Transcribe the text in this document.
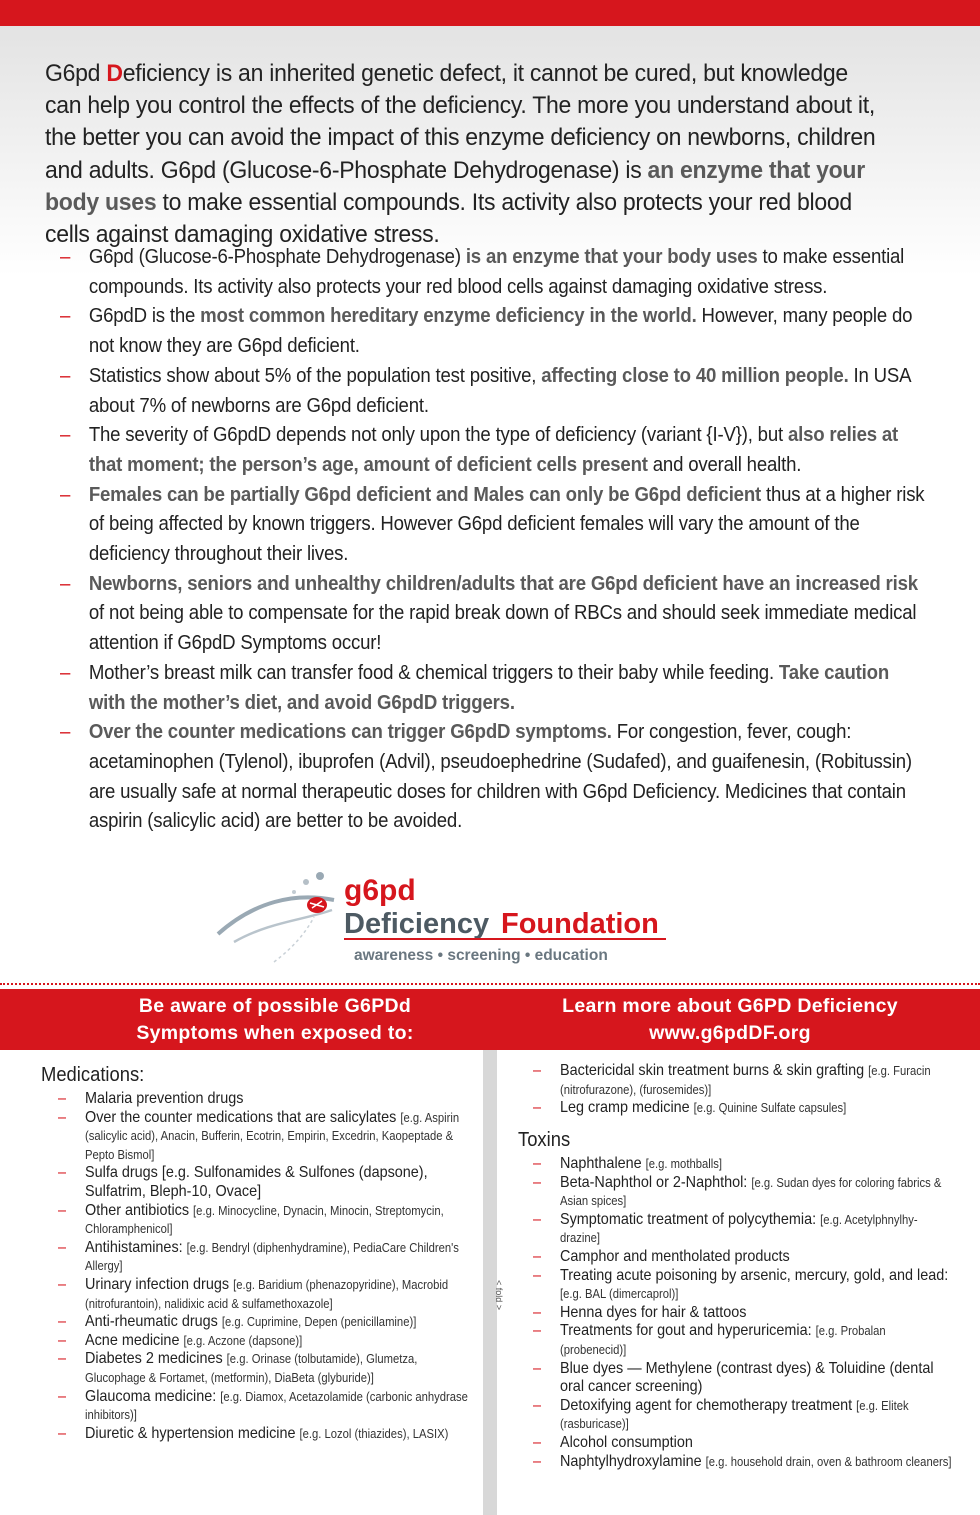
G6pd Deficiency is an inherited genetic defect, it cannot be cured, but knowledge can help you control the effects of the deficiency. The more you understand about it, the better you can avoid the impact of this enzyme deficiency on newborns, children and adults. G6pd (Glucose-6-Phosphate Dehydrogenase) is an enzyme that your body uses to make essential compounds. Its activity also protects your red blood cells against damaging oxidative stress.

– G6pd (Glucose-6-Phosphate Dehydrogenase) is an enzyme that your body uses to make essential compounds. Its activity also protects your red blood cells against damaging oxidative stress.
– G6pdD is the most common hereditary enzyme deficiency in the world. However, many people do not know they are G6pd deficient.
– Statistics show about 5% of the population test positive, affecting close to 40 million people. In USA about 7% of newborns are G6pd deficient.
– The severity of G6pdD depends not only upon the type of deficiency (variant {I-V}), but also relies at that moment; the person’s age, amount of deficient cells present and overall health.
– Females can be partially G6pd deficient and Males can only be G6pd deficient thus at a higher risk of being affected by known triggers. However G6pd deficient females will vary the amount of the deficiency throughout their lives.
– Newborns, seniors and unhealthy children/adults that are G6pd deficient have an increased risk of not being able to compensate for the rapid break down of RBCs and should seek immediate medical attention if G6pdD Symptoms occur!
– Mother’s breast milk can transfer food & chemical triggers to their baby while feeding. Take caution with the mother’s diet, and avoid G6pdD triggers.
– Over the counter medications can trigger G6pdD symptoms. For congestion, fever, cough: acetaminophen (Tylenol), ibuprofen (Advil), pseudoephedrine (Sudafed), and guaifenesin, (Robitussin) are usually safe at normal therapeutic doses for children with G6pd Deficiency. Medicines that contain aspirin (salicylic acid) are better to be avoided.
g6pd
Deficiency Foundation
awareness • screening • education
Be aware of possible G6PDd
Symptoms when exposed to:
Learn more about G6PD Deficiency
www.g6pdDF.org
< fold >
Medications:
– Malaria prevention drugs
– Over the counter medications that are salicylates [e.g. Aspirin (salicylic acid), Anacin, Bufferin, Ecotrin, Empirin, Excedrin, Kaopeptade & Pepto Bismol]
– Sulfa drugs [e.g. Sulfonamides & Sulfones (dapsone), Sulfatrim, Bleph-10, Ovace]
– Other antibiotics [e.g. Minocycline, Dynacin, Minocin, Streptomycin, Chloramphenicol]
– Antihistamines: [e.g. Bendryl (diphenhydramine), PediaCare Children's Allergy]
– Urinary infection drugs [e.g. Baridium (phenazopyridine), Macrobid (nitrofurantoin), nalidixic acid & sulfamethoxazole]
– Anti-rheumatic drugs [e.g. Cuprimine, Depen (penicillamine)]
– Acne medicine [e.g. Aczone (dapsone)]
– Diabetes 2 medicines [e.g. Orinase (tolbutamide), Glumetza, Glucophage & Fortamet, (metformin), DiaBeta (glyburide)]
– Glaucoma medicine: [e.g. Diamox, Acetazolamide (carbonic anhydrase inhibitors)]
– Diuretic & hypertension medicine [e.g. Lozol (thiazides), LASIX)
– Bactericidal skin treatment burns & skin grafting [e.g. Furacin (nitrofurazone), (furosemides)]
– Leg cramp medicine [e.g. Quinine Sulfate capsules]
Toxins
– Naphthalene [e.g. mothballs]
– Beta-Naphthol or 2-Naphthol: [e.g. Sudan dyes for coloring fabrics & Asian spices]
– Symptomatic treatment of polycythemia: [e.g. Acetylphnylhy-drazine]
– Camphor and mentholated products
– Treating acute poisoning by arsenic, mercury, gold, and lead: [e.g. BAL (dimercaprol)]
– Henna dyes for hair & tattoos
– Treatments for gout and hyperuricemia: [e.g. Probalan (probenecid)]
– Blue dyes — Methylene (contrast dyes) & Toluidine (dental oral cancer screening)
– Detoxifying agent for chemotherapy treatment [e.g. Elitek (rasburicase)]
– Alcohol consumption
– Naphtylhydroxylamine [e.g. household drain, oven & bathroom cleaners]
